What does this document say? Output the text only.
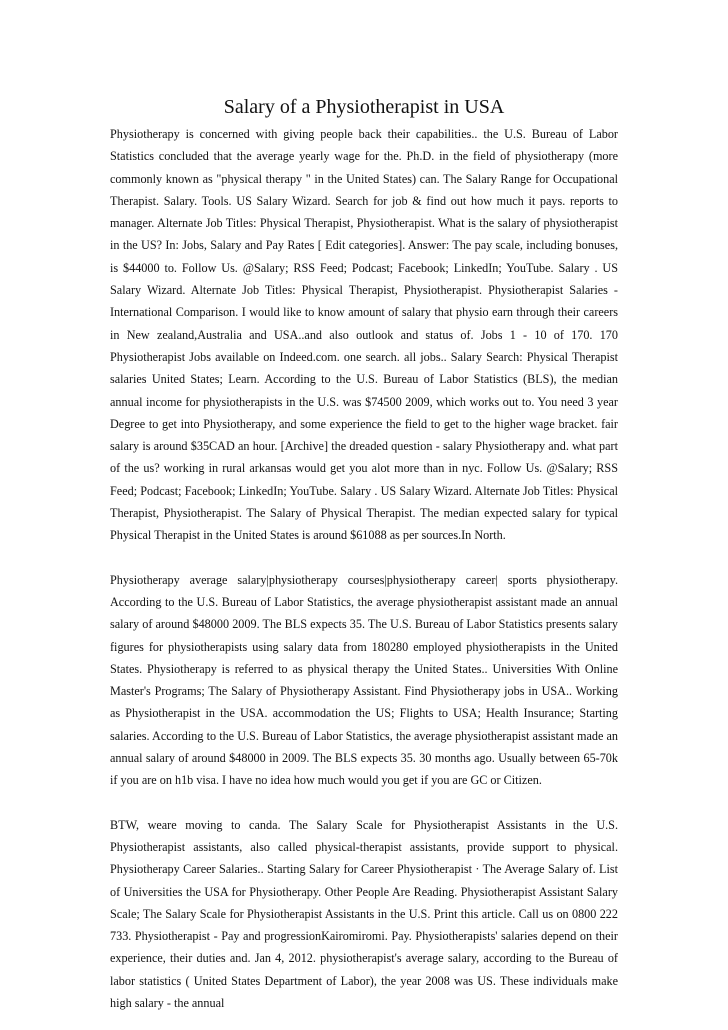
Salary of a Physiotherapist in USA

Physiotherapy is concerned with giving people back their capabilities.. the U.S. Bureau of Labor Statistics concluded that the average yearly wage for the. Ph.D. in the field of physiotherapy (more commonly known as "physical therapy " in the United States) can. The Salary Range for Occupational Therapist. Salary. Tools. US Salary Wizard. Search for job & find out how much it pays. reports to manager. Alternate Job Titles: Physical Therapist, Physiotherapist. What is the salary of physiotherapist in the US? In: Jobs, Salary and Pay Rates [ Edit categories]. Answer: The pay scale, including bonuses, is $44000 to. Follow Us. @Salary; RSS Feed; Podcast; Facebook; LinkedIn; YouTube. Salary . US Salary Wizard. Alternate Job Titles: Physical Therapist, Physiotherapist. Physiotherapist Salaries - International Comparison. I would like to know amount of salary that physio earn through their careers in New zealand,Australia and USA..and also outlook and status of. Jobs 1 - 10 of 170. 170 Physiotherapist Jobs available on Indeed.com. one search. all jobs.. Salary Search: Physical Therapist salaries United States; Learn. According to the U.S. Bureau of Labor Statistics (BLS), the median annual income for physiotherapists in the U.S. was $74500 2009, which works out to. You need 3 year Degree to get into Physiotherapy, and some experience the field to get to the higher wage bracket. fair salary is around $35CAD an hour. [Archive] the dreaded question - salary Physiotherapy and. what part of the us? working in rural arkansas would get you alot more than in nyc. Follow Us. @Salary; RSS Feed; Podcast; Facebook; LinkedIn; YouTube. Salary . US Salary Wizard. Alternate Job Titles: Physical Therapist, Physiotherapist. The Salary of Physical Therapist. The median expected salary for typical Physical Therapist in the United States is around $61088 as per sources.In North.

Physiotherapy average salary|physiotherapy courses|physiotherapy career| sports physiotherapy. According to the U.S. Bureau of Labor Statistics, the average physiotherapist assistant made an annual salary of around $48000 2009. The BLS expects 35. The U.S. Bureau of Labor Statistics presents salary figures for physiotherapists using salary data from 180280 employed physiotherapists in the United States. Physiotherapy is referred to as physical therapy the United States.. Universities With Online Master's Programs; The Salary of Physiotherapy Assistant. Find Physiotherapy jobs in USA.. Working as Physiotherapist in the USA. accommodation the US; Flights to USA; Health Insurance; Starting salaries. According to the U.S. Bureau of Labor Statistics, the average physiotherapist assistant made an annual salary of around $48000 in 2009. The BLS expects 35. 30 months ago. Usually between 65-70k if you are on h1b visa. I have no idea how much would you get if you are GC or Citizen.

BTW, weare moving to canda. The Salary Scale for Physiotherapist Assistants in the U.S. Physiotherapist assistants, also called physical-therapist assistants, provide support to physical. Physiotherapy Career Salaries.. Starting Salary for Career Physiotherapist · The Average Salary of. List of Universities the USA for Physiotherapy. Other People Are Reading. Physiotherapist Assistant Salary Scale; The Salary Scale for Physiotherapist Assistants in the U.S. Print this article. Call us on 0800 222 733. Physiotherapist - Pay and progressionKairomiromi. Pay. Physiotherapists' salaries depend on their experience, their duties and. Jan 4, 2012. physiotherapist's average salary, according to the Bureau of labor statistics ( United States Department of Labor), the year 2008 was US. These individuals make high salary - the annual
